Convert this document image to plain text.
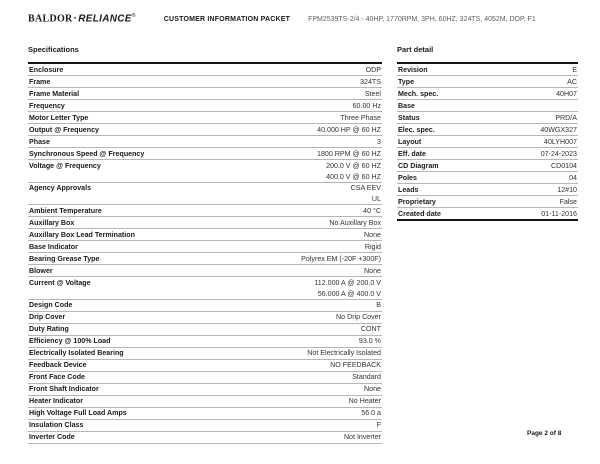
BALDOR·RELIANCE®
CUSTOMER INFORMATION PACKET	FPM2539TS-2/4 - 40HP, 1770RPM, 3PH, 60HZ, 324TS, 4052M, DOP, F1
Specifications
Enclosure	ODP
Frame	324TS
Frame Material	Steel
Frequency	60.00 Hz
Motor Letter Type	Three Phase
Output @ Frequency	40.000 HP @ 60 HZ
Phase	3
Synchronous Speed @ Frequency	1800 RPM @ 60 HZ
Voltage @ Frequency	200.0 V @ 60 HZ
400.0 V @ 60 HZ
Agency Approvals	CSA EEV
UL
Ambient Temperature	40 °C
Auxillary Box	No Auxillary Box
Auxillary Box Lead Termination	None
Base Indicator	Rigid
Bearing Grease Type	Polyrex EM (-20F +300F)
Blower	None
Current @ Voltage	112.000 A @ 200.0 V
56.000 A @ 400.0 V
Design Code	B
Drip Cover	No Drip Cover
Duty Rating	CONT
Efficiency @ 100% Load	93.0 %
Electrically Isolated Bearing	Not Electrically Isolated
Feedback Device	NO FEEDBACK
Front Face Code	Standard
Front Shaft Indicator	None
Heater Indicator	No Heater
High Voltage Full Load Amps	56.0 a
Insulation Class	F
Inverter Code	Not Inverter
Part detail
Revision	E
Type	AC
Mech. spec.	40H07
Base
Status	PRD/A
Elec. spec.	40WGX327
Layout	40LYH007
Eff. date	07-24-2023
CD Diagram	CD0104
Poles	04
Leads	12#10
Proprietary	False
Created date	01-11-2016
Page 2 of 8
